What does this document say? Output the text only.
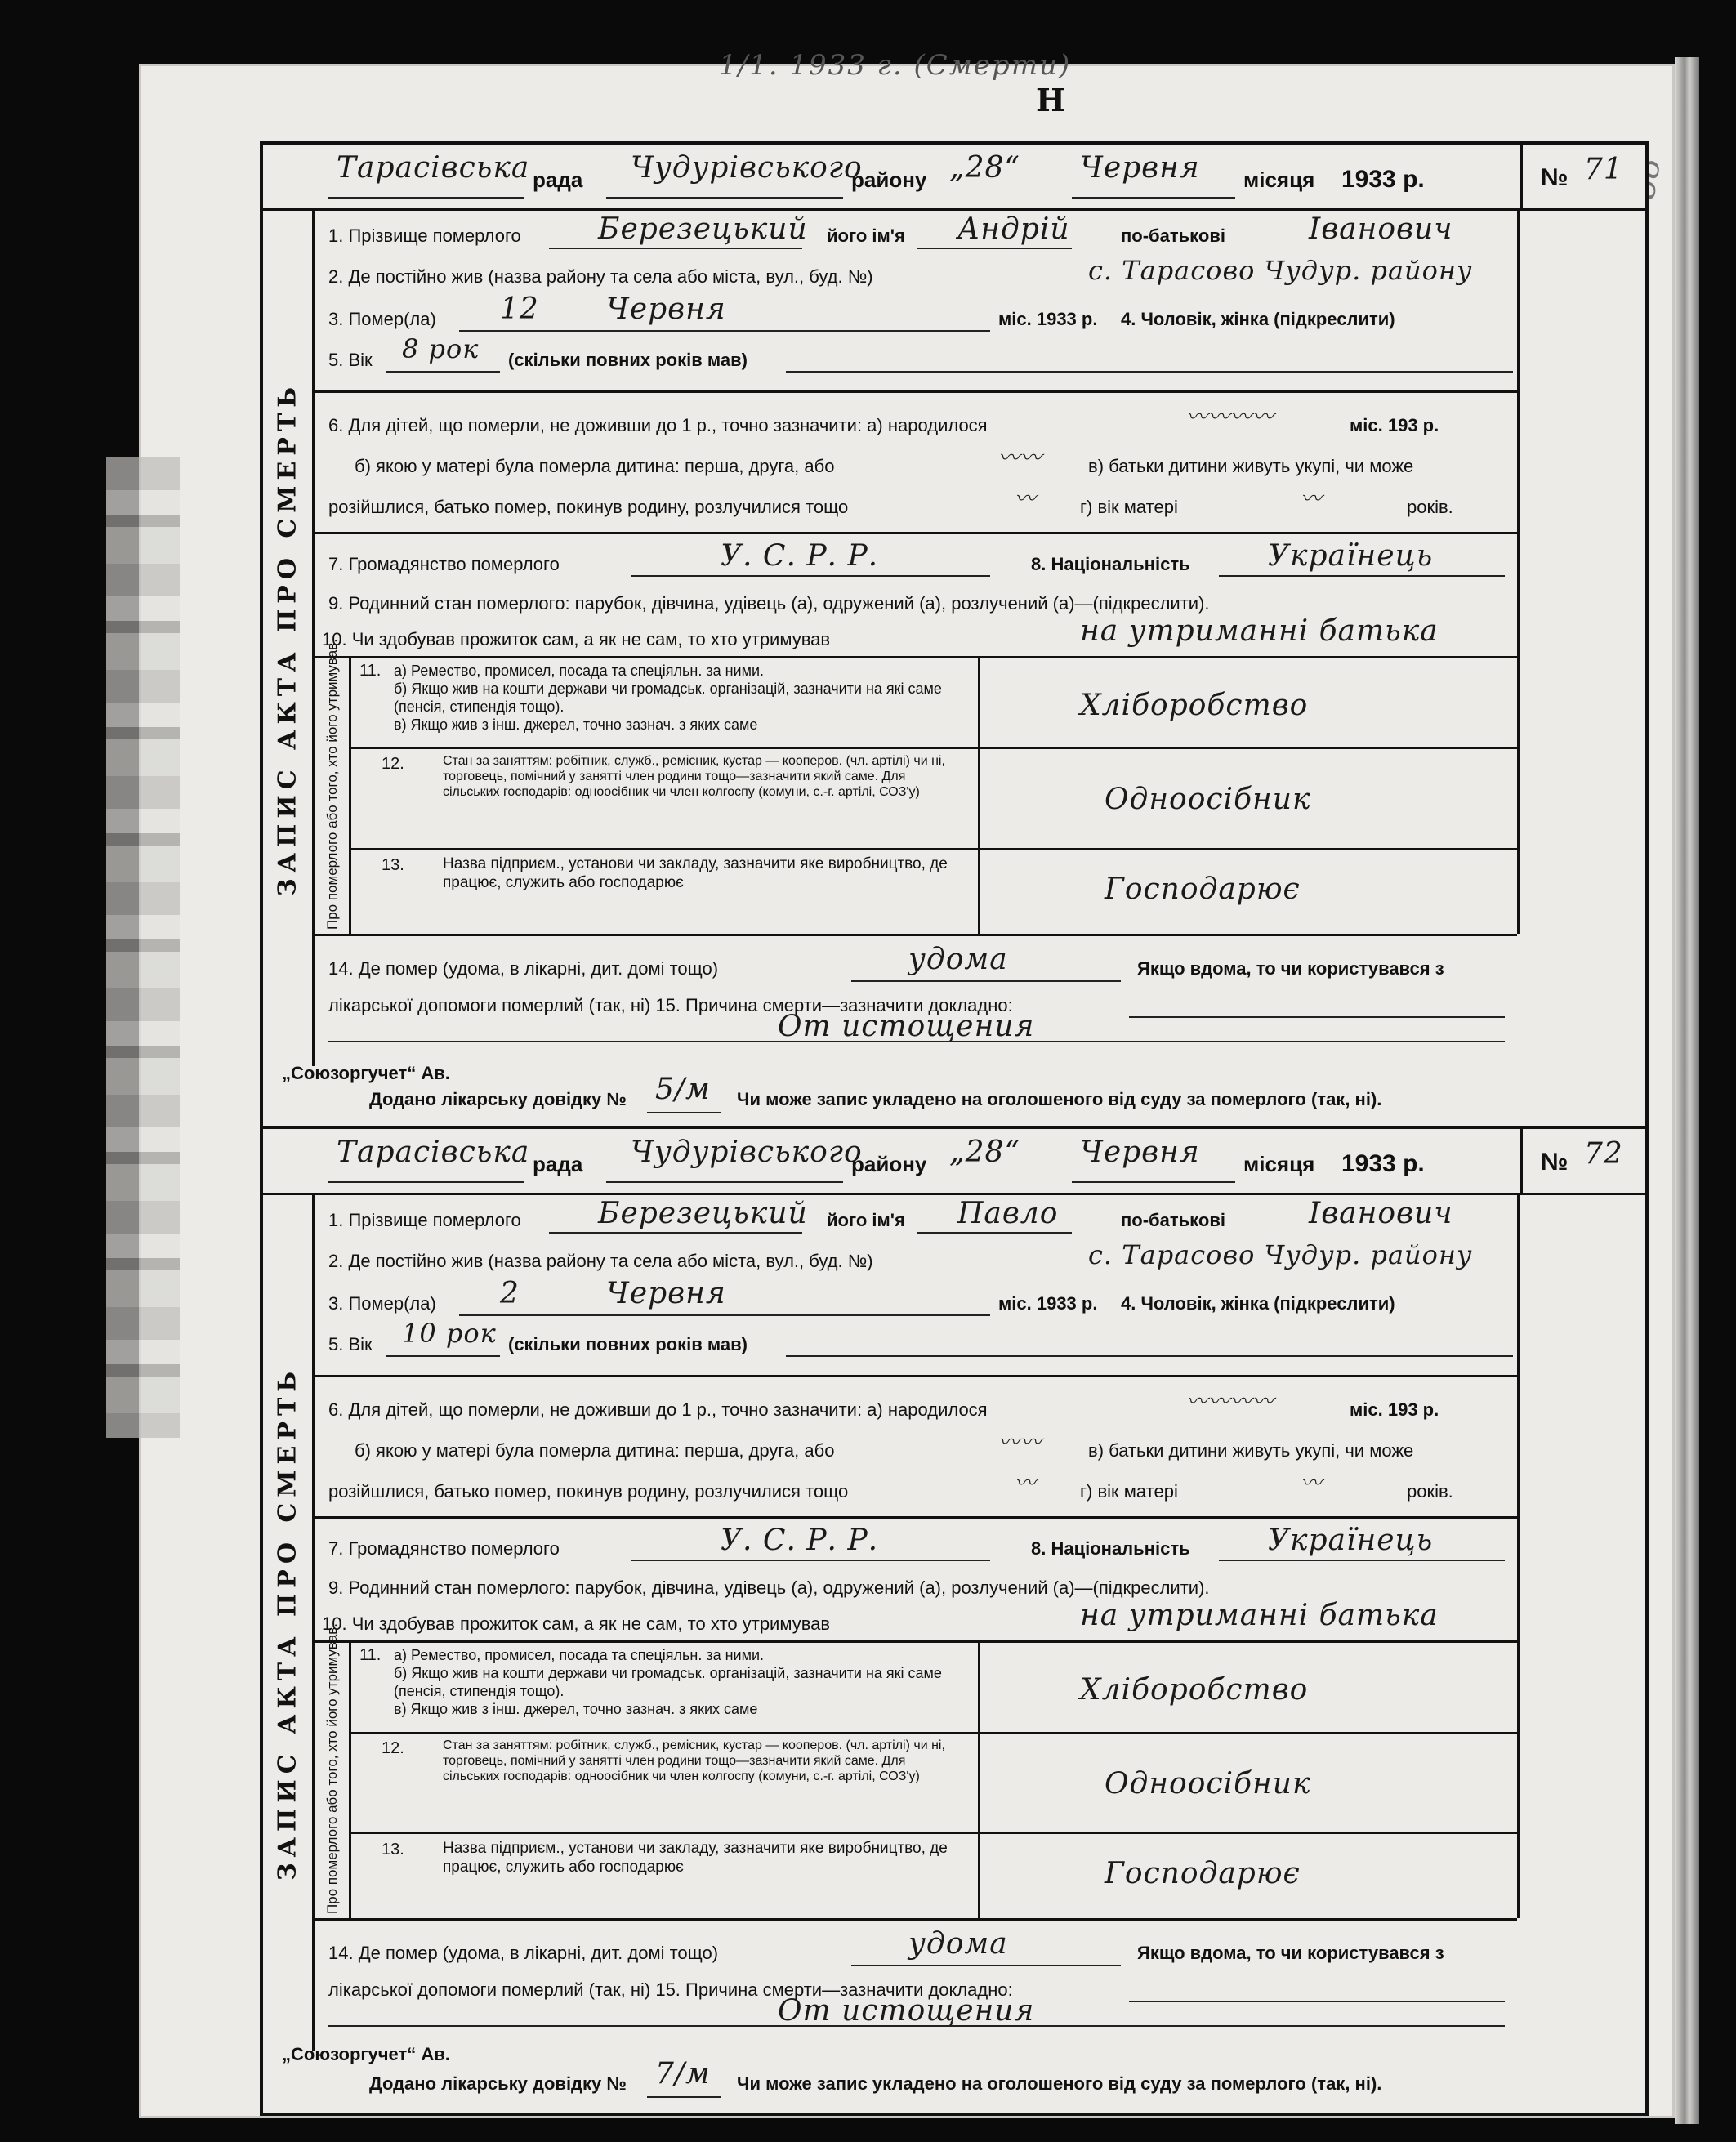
1/1. 1933 г. (Смерти)
Н
Тарасівська рада Чудурівського
району „28“ Червня місяця 1933 р.	№ 71
ЗАПИС АКТА ПРО СМЕРТЬ
1. Прізвище померлого	Березецький його ім'я Андрій	по-батькові	Іванович
2. Де постійно жив (назва району та села або міста, вул., буд. №)	с. Тарасово Чудур. району
3. Помер(ла) 12 Червня	міс. 1933 р. 4. Чоловік, жінка (підкреслити)
5. Вік 8 рок (скільки повних років мав)
6. Для дітей, що померли, не доживши до 1 р., точно зазначити: а) народилося	〰〰〰〰	міс. 193 р.
б) якою у матері була померла дитина: перша, друга, або	〰〰	в) батьки дитини живуть укупі, чи може
розійшлися, батько помер, покинув родину, розлучилися тощо	〰 г) вік матері	〰	років.
7. Громадянство померлого	У. С. Р. Р.	8. Національність	Українець
9. Родинний стан померлого: парубок, дівчина, удівець (а), одружений (а), розлучений (а)—(підкреслити).
10. Чи здобував прожиток сам, а як не сам, то хто утримував	на утриманні батька
Про померлого або того, хто його утримував. 11. а) Ремество, промисел, посада та спеціяльн. за ними.
б) Якщо жив на кошти держави чи громадськ. організацій, зазначити на які саме (пенсія, стипендія тощо).
в) Якщо жив з інш. джерел, точно зазнач. з яких саме
Хліборобство
12.	Стан за заняттям: робітник, служб., ремісник, кустар — кооперов. (чл. артілі) чи ні, торговець, помічний у занятті член родини тощо—зазначити який саме. Для сільських господарів: одноосібник чи член колгоспу (комуни, с.-г. артілі, СОЗ'у)	Одноосібник
13. Назва підприєм., установи чи закладу, зазначити яке виробництво, де працює, служить або господарює	Господарює
14. Де помер (удома, в лікарні, дит. домі тощо)	удома	Якщо вдома, то чи користувався з
лікарської допомоги померлий (так, ні) 15. Причина смерти—зазначити докладно:
От истощения
Додано лікарську довідку № 5/м Чи може запис укладено на оголошеного від суду за померлого (так, ні).
Тарасівська рада Чудурівського
району „28“ Червня місяця 1933 р.	№ 72
ЗАПИС АКТА ПРО СМЕРТЬ
1. Прізвище померлого	Березецький його ім'я Павло	по-батькові	Іванович
2. Де постійно жив (назва району та села або міста, вул., буд. №)	с. Тарасово Чудур. району
3. Помер(ла) 2	Червня	міс. 1933 р. 4. Чоловік, жінка (підкреслити)
5. Вік 10 рок (скільки повних років мав)
6. Для дітей, що померли, не доживши до 1 р., точно зазначити: а) народилося	〰〰〰〰	міс. 193 р.
б) якою у матері була померла дитина: перша, друга, або	〰〰	в) батьки дитини живуть укупі, чи може
розійшлися, батько помер, покинув родину, розлучилися тощо	〰 г) вік матері	〰	років.
7. Громадянство померлого	У. С. Р. Р.	8. Національність	Українець
9. Родинний стан померлого: парубок, дівчина, удівець (а), одружений (а), розлучений (а)—(підкреслити).
10. Чи здобував прожиток сам, а як не сам, то хто утримував	на утриманні батька
Про померлого або того, хто його утримував. 11. а) Ремество, промисел, посада та спеціяльн. за ними.
б) Якщо жив на кошти держави чи громадськ. організацій, зазначити на які саме (пенсія, стипендія тощо).
в) Якщо жив з інш. джерел, точно зазнач. з яких саме
Хліборобство
12.	Стан за заняттям: робітник, служб., ремісник, кустар — кооперов. (чл. артілі) чи ні, торговець, помічний у занятті член родини тощо—зазначити який саме. Для сільських господарів: одноосібник чи член колгоспу (комуни, с.-г. артілі, СОЗ'у)	Одноосібник
13. Назва підприєм., установи чи закладу, зазначити яке виробництво, де працює, служить або господарює	Господарює
14. Де помер (удома, в лікарні, дит. домі тощо)	удома	Якщо вдома, то чи користувався з
лікарської допомоги померлий (так, ні) 15. Причина смерти—зазначити докладно:
От истощения
Додано лікарську довідку № 7/м Чи може запис укладено на оголошеного від суду за померлого (так, ні).
„Союзоргучет“ Ав.
„Союзоргучет“ Ав.
